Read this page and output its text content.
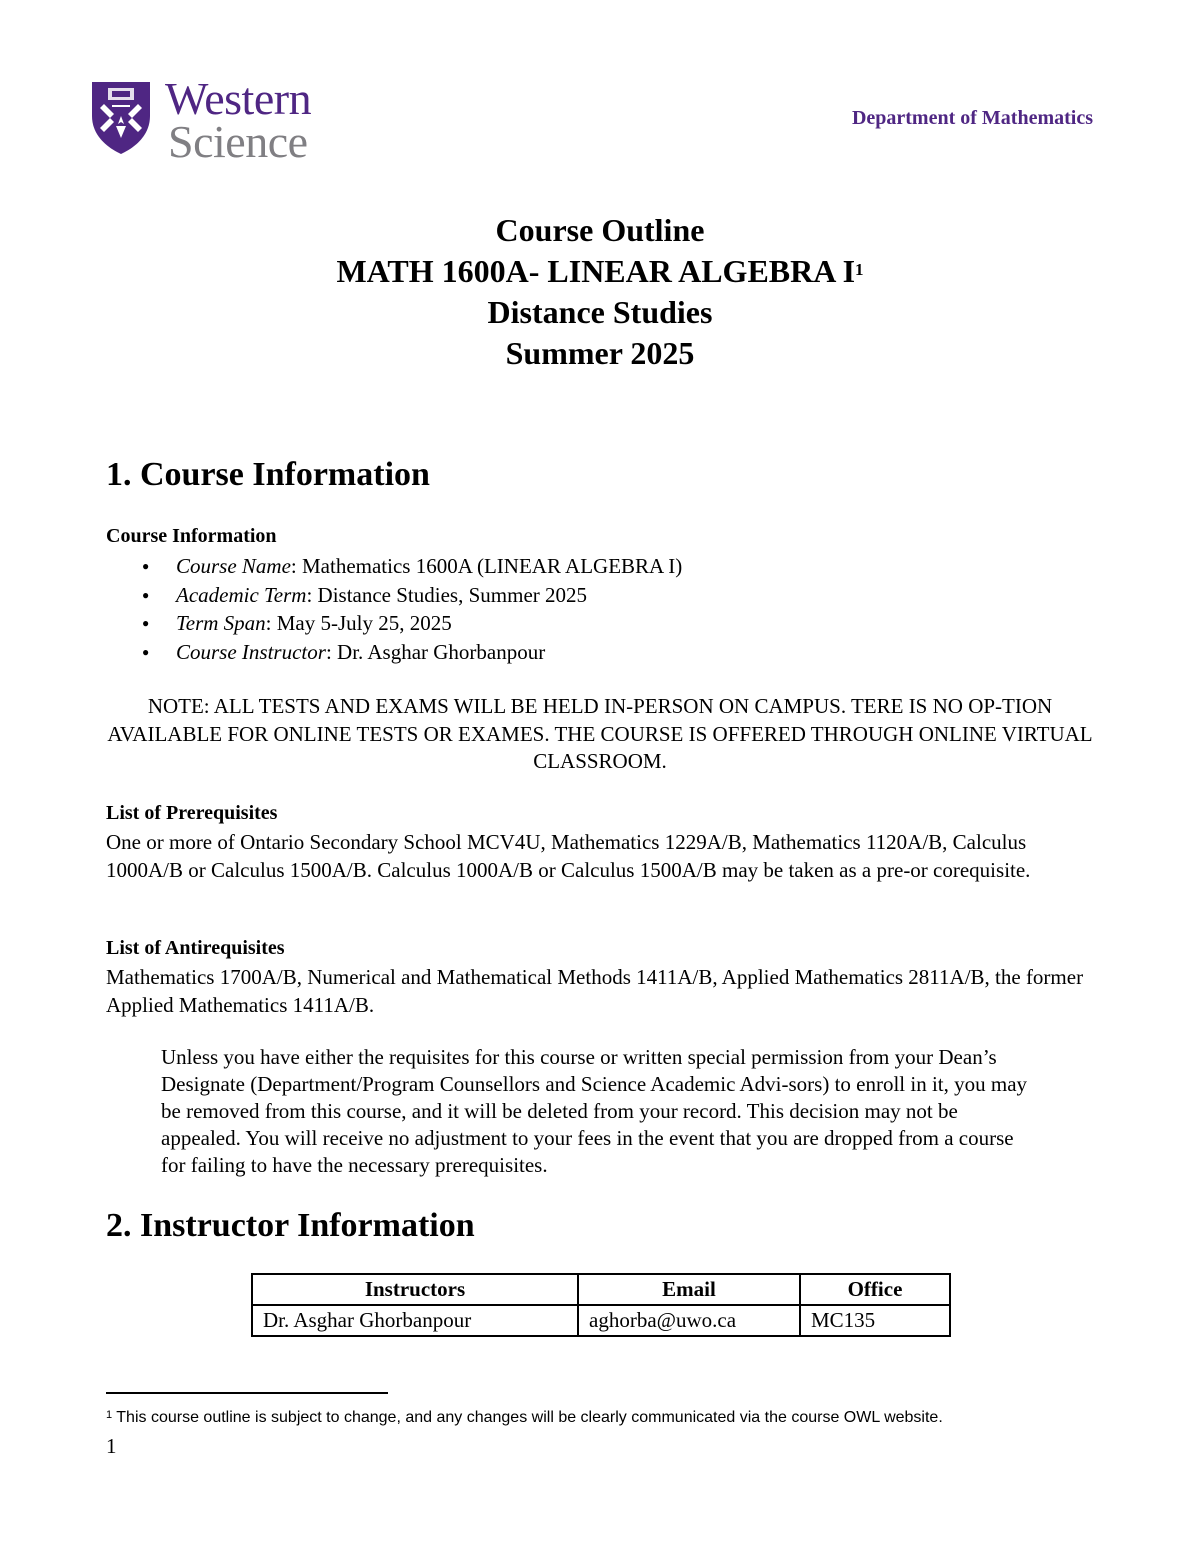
Western
Science	Department of Mathematics
Course Outline
MATH 1600A- LINEAR ALGEBRA $I^1$
Distance Studies
Summer 2025
1. Course Information
Course Information
● Course Name: Mathematics 1600A (LINEAR ALGEBRA I)
● Academic Term: Distance Studies, Summer 2025
● Term Span: May 5-July 25, 2025
● Course Instructor: Dr. Asghar Ghorbanpour
NOTE: ALL TESTS AND EXAMS WILL BE HELD IN-PERSON ON CAMPUS. TERE IS NO OP-TION AVAILABLE FOR ONLINE TESTS OR EXAMES. THE COURSE IS OFFERED THROUGH ONLINE VIRTUAL CLASSROOM.
List of Prerequisites
One or more of Ontario Secondary School MCV4U, Mathematics 1229A/B, Mathematics 1120A/B, Calculus 1000A/B or Calculus 1500A/B. Calculus 1000A/B or Calculus 1500A/B may be taken as a pre-or corequisite.
List of Antirequisites
Mathematics 1700A/B, Numerical and Mathematical Methods 1411A/B, Applied Mathematics 2811A/B, the former Applied Mathematics 1411A/B.
Unless you have either the requisites for this course or written special permission from your Dean’s Designate (Department/Program Counsellors and Science Academic Advi-sors) to enroll in it, you may be removed from this course, and it will be deleted from your record. This decision may not be appealed. You will receive no adjustment to your fees in the event that you are dropped from a course for failing to have the necessary prerequisites.
2. Instructor Information
Instructors	Email	Office
Dr. Asghar Ghorbanpour	aghorba@uwo.ca	MC135
$^1$ This course outline is subject to change, and any changes will be clearly communicated via the course OWL website.
1
